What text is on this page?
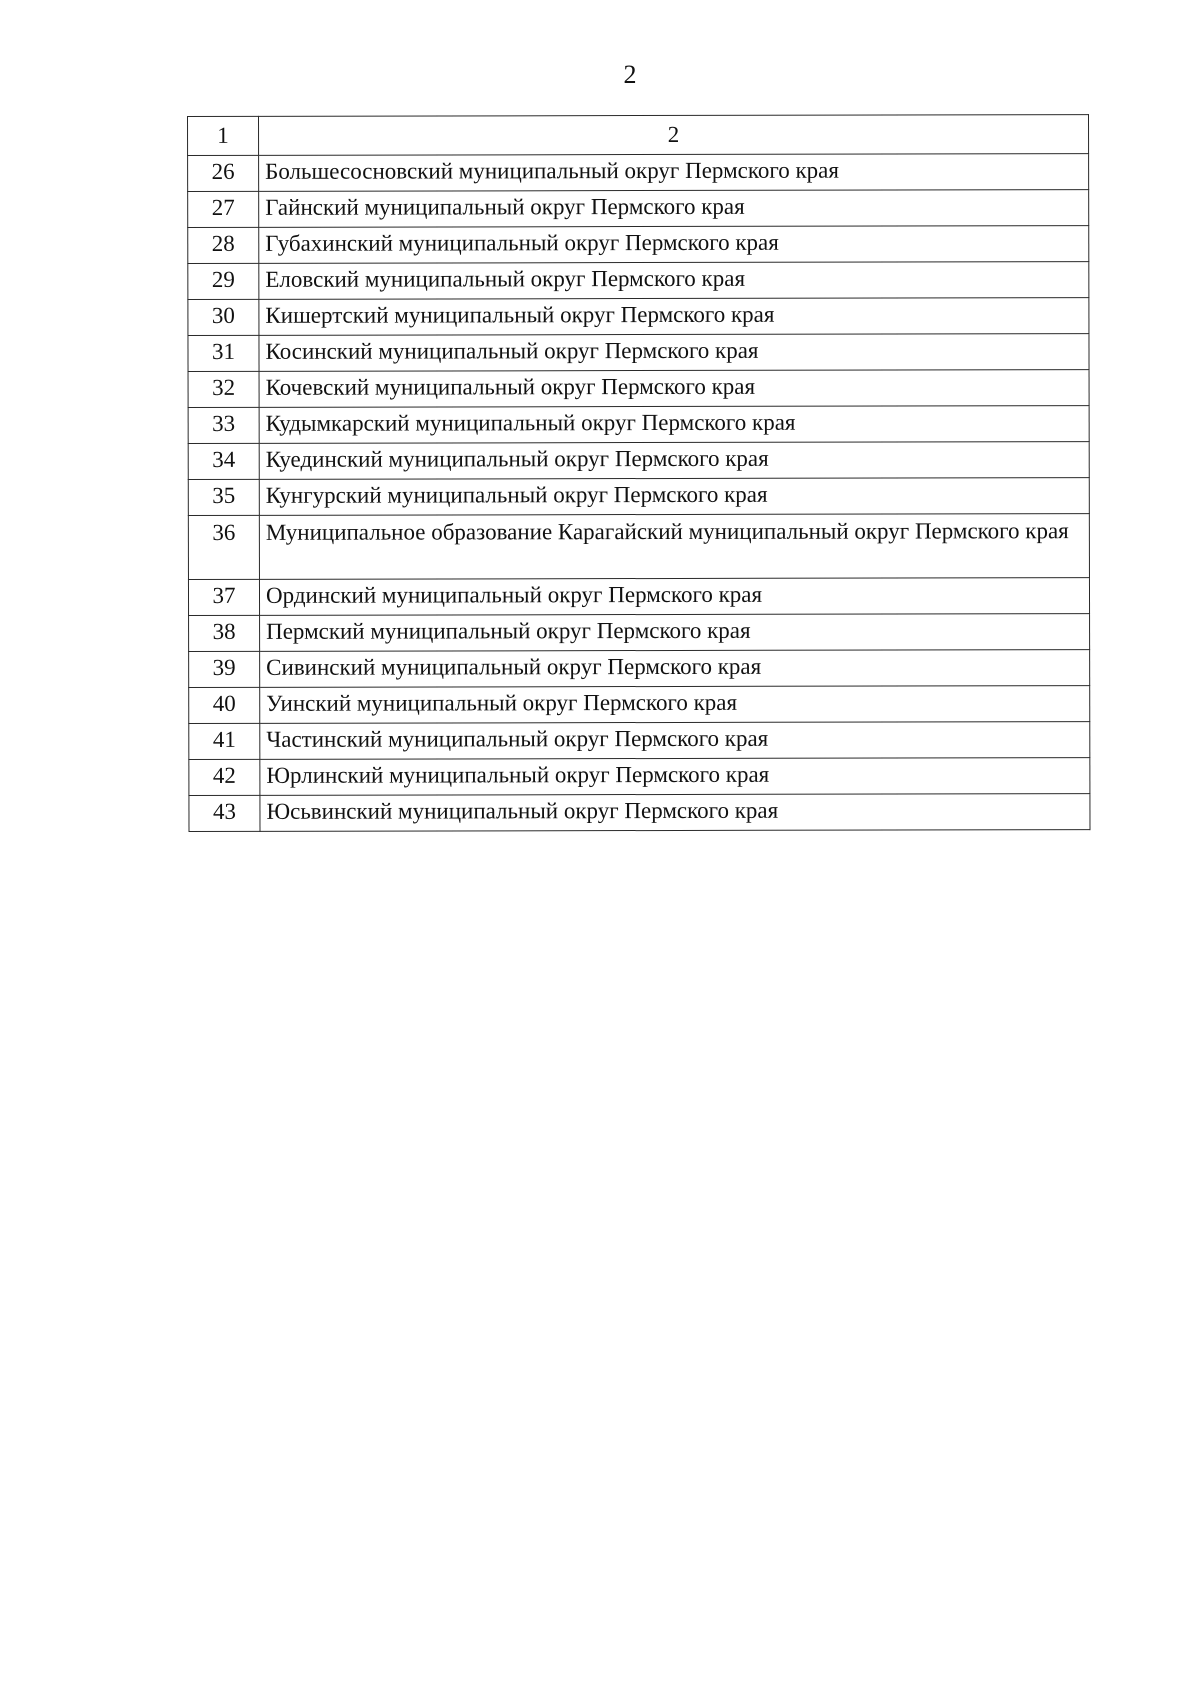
2
1	2
26	Большесосновский муниципальный округ Пермского края
27	Гайнский муниципальный округ Пермского края
28	Губахинский муниципальный округ Пермского края
29	Еловский муниципальный округ Пермского края
30	Кишертский муниципальный округ Пермского края
31	Косинский муниципальный округ Пермского края
32	Кочевский муниципальный округ Пермского края
33	Кудымкарский муниципальный округ Пермского края
34	Куединский муниципальный округ Пермского края
35	Кунгурский муниципальный округ Пермского края
36	Муниципальное образование Карагайский муниципальный округ Пермского края
37	Ординский муниципальный округ Пермского края
38	Пермский муниципальный округ Пермского края
39	Сивинский муниципальный округ Пермского края
40	Уинский муниципальный округ Пермского края
41	Частинский муниципальный округ Пермского края
42	Юрлинский муниципальный округ Пермского края
43	Юсьвинский муниципальный округ Пермского края
